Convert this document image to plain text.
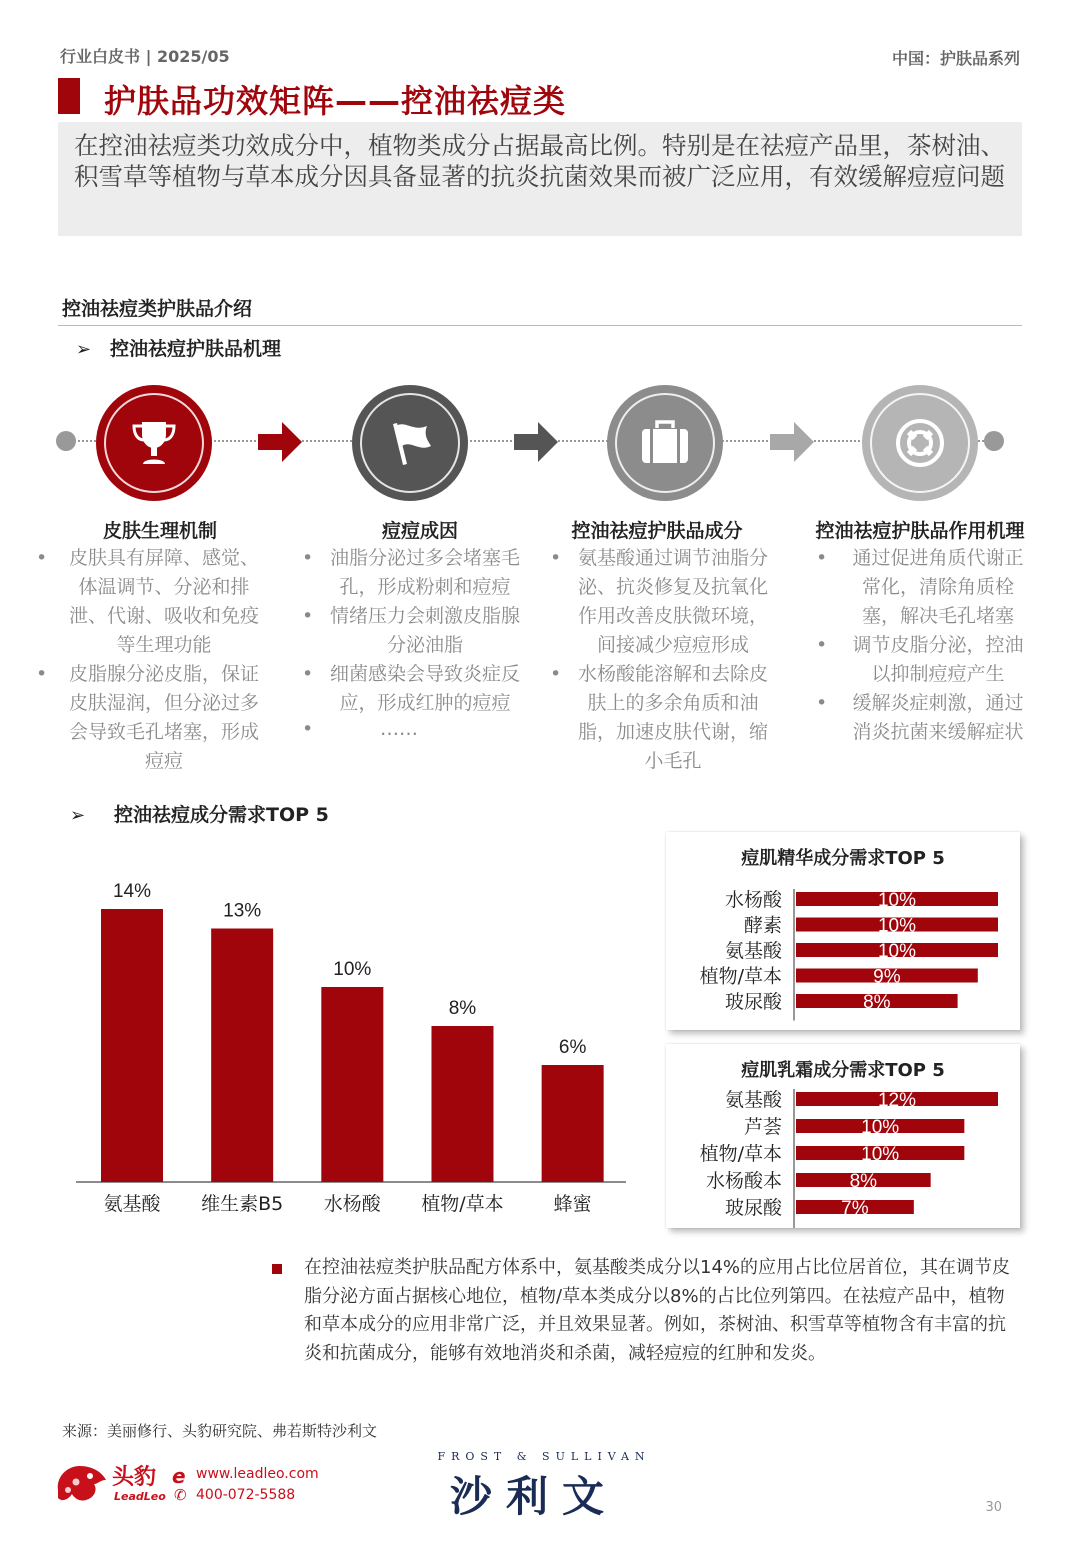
行业白皮书 | 2025/05	中国：护肤品系列
护肤品功效矩阵——控油祛痘类
在控油祛痘类功效成分中，植物类成分占据最高比例。特别是在祛痘产品里，茶树油、积雪草等植物与草本成分因具备显著的抗炎抗菌效果而被广泛应用，有效缓解痘痘问题
控油祛痘类护肤品介绍
➢ 控油祛痘护肤品机理
皮肤生理机制	痘痘成因	控油祛痘护肤品成分	控油祛痘护肤品作用机理
• 皮肤具有屏障、感觉、体温调节、分泌和排泄、代谢、吸收和免疫等生理功能
• 皮脂腺分泌皮脂，保证皮肤湿润，但分泌过多会导致毛孔堵塞，形成痘痘
• 油脂分泌过多会堵塞毛孔，形成粉刺和痘痘
• 情绪压力会刺激皮脂腺分泌油脂
• 细菌感染会导致炎症反应，形成红肿的痘痘
• ……
• 氨基酸通过调节油脂分泌、抗炎修复及抗氧化作用改善皮肤微环境，间接减少痘痘形成
• 水杨酸能溶解和去除皮肤上的多余角质和油脂，加速皮肤代谢，缩小毛孔
• 通过促进角质代谢正常化，清除角质栓塞，解决毛孔堵塞
• 调节皮脂分泌，控油以抑制痘痘产生
• 缓解炎症刺激，通过消炎抗菌来缓解症状
➢ 控油祛痘成分需求TOP 5
14%
氨基酸
13%
维生素B5
10%
水杨酸
8%
植物/草本
6%
蜂蜜
痘肌精华成分需求TOP 5
水杨酸	10%
酵素	10%
氨基酸	10%
植物/草本	9%
玻尿酸	8%
痘肌乳霜成分需求TOP 5
氨基酸	12%
芦荟	10%
植物/草本	10%
水杨酸本	8%
玻尿酸	7%
在控油祛痘类护肤品配方体系中，氨基酸类成分以14%的应用占比位居首位，其在调节皮脂分泌方面占据核心地位，植物/草本类成分以8%的占比位列第四。在祛痘产品中，植物和草本成分的应用非常广泛，并且效果显著。例如，茶树油、积雪草等植物含有丰富的抗炎和抗菌成分，能够有效地消炎和杀菌，减轻痘痘的红肿和发炎。
来源：美丽修行、头豹研究院、弗若斯特沙利文
头豹
LeadLeo
e www.leadleo.com
✆ 400-072-5588
FROST & SULLIVAN
沙利文	30
